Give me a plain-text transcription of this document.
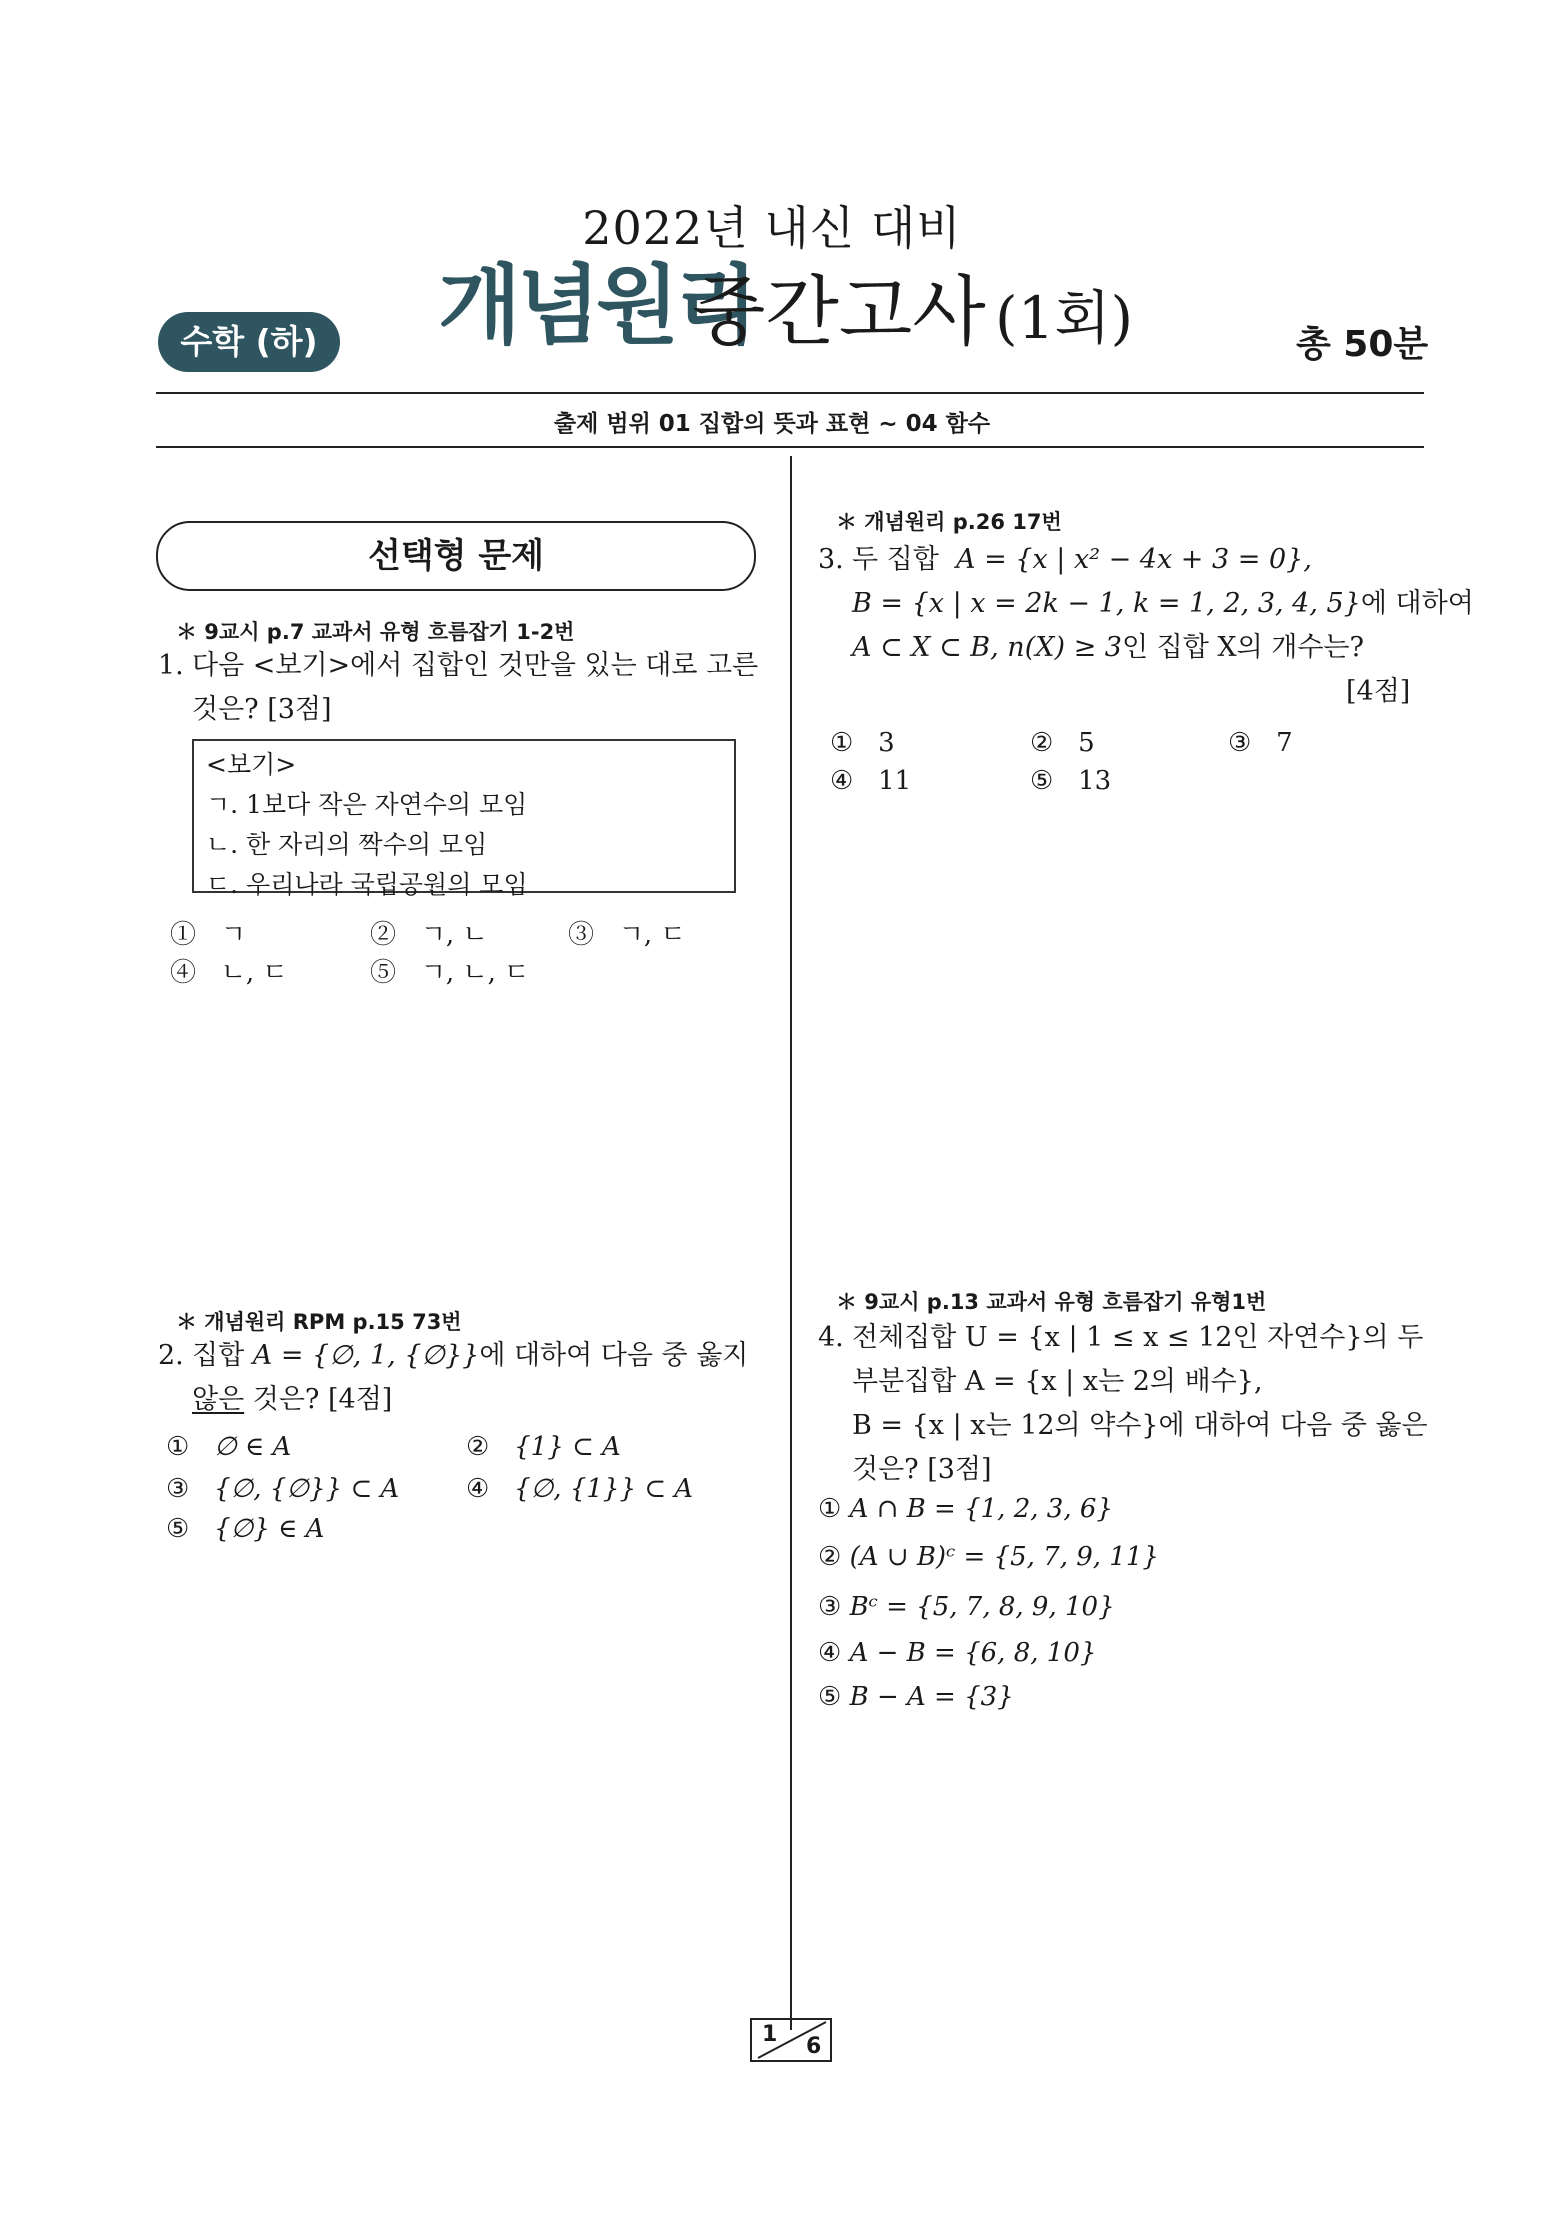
2022년 내신 대비
수학 (하) 개념원리
중간고사 (1회)	총 50분
출제 범위 01 집합의 뜻과 표현 ~ 04 함수
선택형 문제
＊ 9교시 p.7 교과서 유형 흐름잡기 1-2번
1. 다음 <보기>에서 집합인 것만을 있는 대로 고른
것은? [3점]
<보기>
ㄱ. 1보다 작은 자연수의 모임
ㄴ. 한 자리의 짝수의 모임
ㄷ. 우리나라 국립공원의 모임
① ㄱ	② ㄱ, ㄴ	③ ㄱ, ㄷ
④ ㄴ, ㄷ	⑤ ㄱ, ㄴ, ㄷ
＊ 개념원리 RPM p.15 73번
2. 집합 A = {∅, 1, {∅}}에 대하여 다음 중 옳지
않은 것은? [4점]
① ∅ ∈ A	② {1} ⊂ A
③ {∅, {∅}} ⊂ A	④ {∅, {1}} ⊂ A
⑤ {∅} ∈ A
＊ 개념원리 p.26 17번
3. 두 집합 A = {x | x² − 4x + 3 = 0},
B = {x | x = 2k − 1, k = 1, 2, 3, 4, 5}에 대하여
A ⊂ X ⊂ B, n(X) ≥ 3인 집합 X의 개수는?
[4점]
① 3	② 5	③ 7
④ 11	⑤ 13
＊ 9교시 p.13 교과서 유형 흐름잡기 유형1번
4. 전체집합 U = {x | 1 ≤ x ≤ 12인 자연수}의 두
부분집합 A = {x | x는 2의 배수},
B = {x | x는 12의 약수}에 대하여 다음 중 옳은
것은? [3점]
① A ∩ B = {1, 2, 3, 6}
② (A ∪ B)ᶜ = {5, 7, 9, 11}
③ Bᶜ = {5, 7, 8, 9, 10}
④ A − B = {6, 8, 10}
⑤ B − A = {3}
1 6
